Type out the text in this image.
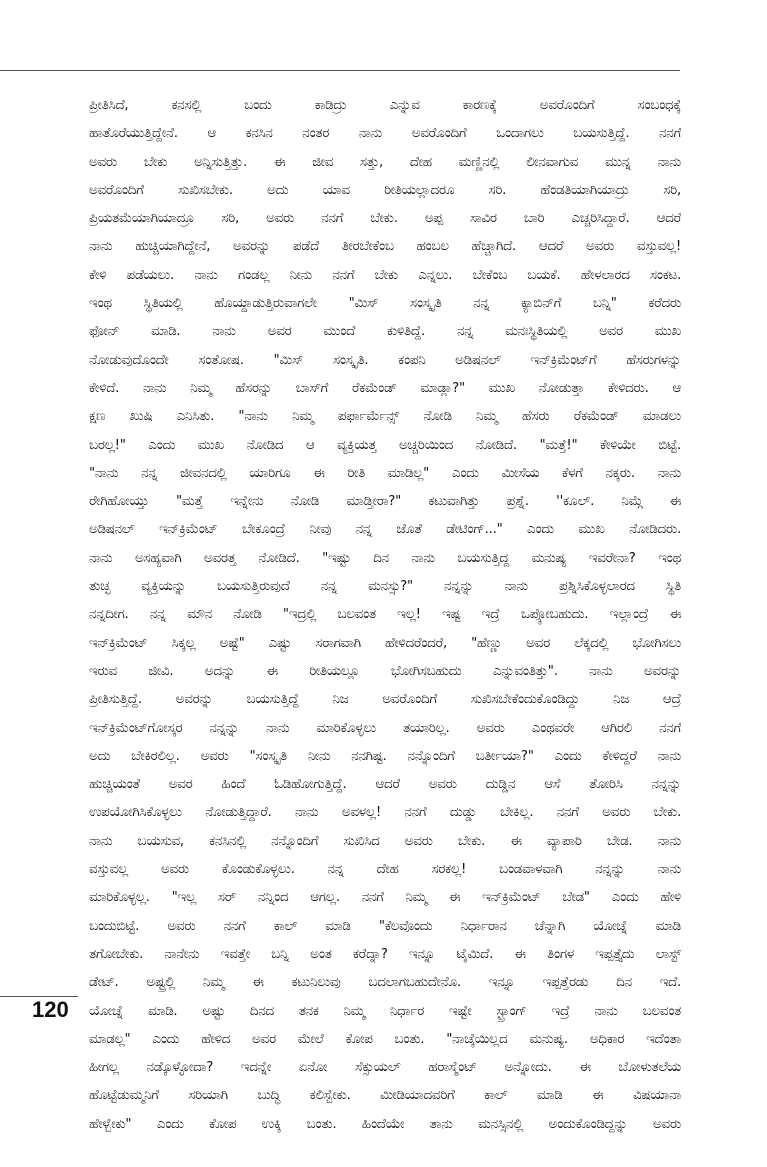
ಪ್ರೀತಿಸಿದೆ, ಕನಸಲ್ಲಿ ಬಂದು ಕಾಡಿದ್ರು ಎನ್ನುವ ಕಾರಣಕ್ಕೆ ಅವರೊಂದಿಗೆ ಸಂಬಂಧಕ್ಕೆ
ಹಾತೊರೆಯುತ್ತಿದ್ದೇನೆ. ಆ ಕನಸಿನ ನಂತರ ನಾನು ಅವರೊಂದಿಗೆ ಒಂದಾಗಲು ಬಯಸುತ್ತಿದ್ದೆ. ನನಗೆ
ಅವರು ಬೇಕು ಅನ್ನಿಸುತ್ತಿತ್ತು. ಈ ಜೀವ ಸತ್ತು, ದೇಹ ಮಣ್ಣಿನಲ್ಲಿ ಲೀನವಾಗುವ ಮುನ್ನ ನಾನು
ಅವರೊಂದಿಗೆ ಸುಖಿಸಬೇಕು. ಅದು ಯಾವ ರೀತಿಯಲ್ಲಾದರೂ ಸರಿ. ಹೆಂಡತಿಯಾಗಿಯಾದ್ರು ಸರಿ,
ಪ್ರಿಯತಮೆಯಾಗಿಯಾದ್ರೂ ಸರಿ, ಅವರು ನನಗೆ ಬೇಕು. ಅಪ್ಪ ಸಾವಿರ ಬಾರಿ ಎಚ್ಚರಿಸಿದ್ದಾರೆ. ಆದರೆ
ನಾನು ಹುಚ್ಚಿಯಾಗಿದ್ದೇನೆ, ಅವರನ್ನು ಪಡೆದೆ ತೀರಬೇಕೆಂಬ ಹಂಬಲ ಹೆಚ್ಚಾಗಿದೆ. ಆದರೆ ಅವರು ವಸ್ತುವಲ್ಲ!
ಕೇಳಿ ಪಡೆಯಲು. ನಾನು ಗಂಡಲ್ಲ ನೀನು ನನಗೆ ಬೇಕು ಎನ್ನಲು. ಬೇಕೆಂಬ ಬಯಕೆ. ಹೇಳಲಾರದ ಸಂಕಟ.
ಇಂಥ ಸ್ಥಿತಿಯಲ್ಲಿ ಹೊಯ್ದಾಡುತ್ತಿರುವಾಗಲೇ "ಮಿಸ್ ಸಂಸ್ಕೃತಿ ನನ್ನ ಕ್ಯಾಬಿನ್‌ಗೆ ಬನ್ನಿ" ಕರೆದರು
ಫೋನ್ ಮಾಡಿ. ನಾನು ಅವರ ಮುಂದೆ ಕುಳಿತಿದ್ದೆ. ನನ್ನ ಮನಃಸ್ಥಿತಿಯಲ್ಲಿ ಅವರ ಮುಖ
ನೋಡುವುದೊಂದೇ ಸಂತೋಷ. "ಮಿಸ್ ಸಂಸ್ಕೃತಿ. ಕಂಪನಿ ಅಡಿಷನಲ್ ಇನ್‌ಕ್ರಿಮೆಂಟ್‌ಗೆ ಹೆಸರುಗಳನ್ನು
ಕೇಳಿದೆ. ನಾನು ನಿಮ್ಮ ಹೆಸರನ್ನು ಬಾಸ್‌ಗೆ ರೆಕಮೆಂಡ್ ಮಾಡ್ಲಾ?" ಮುಖ ನೋಡುತ್ತಾ ಕೇಳಿದರು. ಆ
ಕ್ಷಣ ಖುಷಿ ಎನಿಸಿತು. "ನಾನು ನಿಮ್ಮ ಪರ್ಫಾರ್ಮೆನ್ಸ್ ನೋಡಿ ನಿಮ್ಮ ಹೆಸರು ರೆಕಮೆಂಡ್ ಮಾಡಲು
ಬರಲ್ಲ!" ಎಂದು ಮುಖ ನೋಡಿದ ಆ ವ್ಯಕ್ತಿಯತ್ತ ಅಚ್ಚರಿಯಿಂದ ನೋಡಿದೆ. "ಮತ್ತೆ!" ಕೇಳಿಯೇ ಬಿಟ್ಟೆ.
"ನಾನು ನನ್ನ ಜೀವನದಲ್ಲಿ ಯಾರಿಗೂ ಈ ರೀತಿ ಮಾಡಿಲ್ಲ" ಎಂದು ಮೀಸೆಯ ಕೆಳಗೆ ನಕ್ಕರು. ನಾನು
ರೇಗಿಹೋಯ್ತು "ಮತ್ತೆ ಇನ್ನೇನು ನೋಡಿ ಮಾಡ್ತೀರಾ?" ಕಟುವಾಗಿತ್ತು ಪ್ರಶ್ನೆ. ''ಕೂಲ್. ನಿಮ್ಗೆ ಈ
ಅಡಿಷನಲ್ ಇನ್‌ಕ್ರಿಮೆಂಟ್ ಬೇಕೂಂದ್ರೆ ನೀವು ನನ್ನ ಜೊತೆ ಡೇಟಿಂಗ್..." ಎಂದು ಮುಖ ನೋಡಿದರು.
ನಾನು ಅಸಹ್ಯವಾಗಿ ಅವರತ್ತ ನೋಡಿದೆ. "ಇಷ್ಟು ದಿನ ನಾನು ಬಯಸುತ್ತಿದ್ದ ಮನುಷ್ಯ ಇವರೇನಾ? ಇಂಥ
ತುಚ್ಛ ವ್ಯಕ್ತಿಯನ್ನು ಬಯಸುತ್ತಿರುವುದೆ ನನ್ನ ಮನಸ್ಸು?" ನನ್ನನ್ನು ನಾನು ಪ್ರಶ್ನಿಸಿಕೊಳ್ಳಲಾರದ ಸ್ಥಿತಿ
ನನ್ನದೀಗ. ನನ್ನ ಮೌನ ನೋಡಿ "ಇದ್ರಲ್ಲಿ ಬಲವಂತ ಇಲ್ಲ! ಇಷ್ಟ ಇದ್ರೆ ಒಪ್ಕೋಬಹುದು. ಇಲ್ಲಾಂದ್ರೆ ಈ
ಇನ್‌ಕ್ರಿಮೆಂಟ್ ಸಿಕ್ಕಲ್ಲ ಅಷ್ಟೆ" ಎಷ್ಟು ಸರಾಗವಾಗಿ ಹೇಳಿದರೆಂದರೆ, "ಹೆಣ್ಣು ಅವರ ಲೆಕ್ಕದಲ್ಲಿ ಭೋಗಿಸಲು
ಇರುವ ಜೀವಿ. ಅದನ್ನು ಈ ರೀತಿಯಲ್ಲೂ ಭೋಗಿಸಬಹುದು ಎನ್ನುವಂತಿತ್ತು". ನಾನು ಅವರನ್ನು
ಪ್ರೀತಿಸುತ್ತಿದ್ದೆ. ಅವರನ್ನು ಬಯಸುತ್ತಿದ್ದೆ ನಿಜ ಅವರೊಂದಿಗೆ ಸುಖಿಸಬೇಕೆಂದುಕೊಂಡಿದ್ದು ನಿಜ ಆದ್ರೆ
ಇನ್‌ಕ್ರಿಮೆಂಟ್‌ಗೋಸ್ಕರ ನನ್ನನ್ನು ನಾನು ಮಾರಿಕೊಳ್ಳಲು ತಯಾರಿಲ್ಲ. ಅವರು ಎಂಥವರೇ ಆಗಿರಲಿ ನನಗೆ
ಅದು ಬೇಕಿರಲಿಲ್ಲ. ಅವರು "ಸಂಸ್ಕೃತಿ ನೀನು ನನಗಿಷ್ಟ. ನನ್ನೊಂದಿಗೆ ಬರ್ತೀಯಾ?" ಎಂದು ಕೇಳಿದ್ದರೆ ನಾನು
ಹುಚ್ಚಿಯಂತೆ ಅವರ ಹಿಂದೆ ಓಡಿಹೋಗುತ್ತಿದ್ದೆ. ಆದರೆ ಅವರು ದುಡ್ಡಿನ ಆಸೆ ತೋರಿಸಿ ನನ್ನನ್ನು
ಉಪಯೋಗಿಸಿಕೊಳ್ಳಲು ನೋಡುತ್ತಿದ್ದಾರೆ. ನಾನು ಅವಳಲ್ಲ! ನನಗೆ ದುಡ್ಡು ಬೇಕಿಲ್ಲ. ನನಗೆ ಅವರು ಬೇಕು.
ನಾನು ಬಯಸುವ, ಕನಸಿನಲ್ಲಿ ನನ್ನೊಂದಿಗೆ ಸುಖಿಸಿದ ಅವರು ಬೇಕು. ಈ ವ್ಯಾಪಾರಿ ಬೇಡ. ನಾನು
ವಸ್ತುವಲ್ಲ ಅವರು ಕೊಂಡುಕೊಳ್ಳಲು. ನನ್ನ ದೇಹ ಸರಕಲ್ಲ! ಬಂಡವಾಳವಾಗಿ ನನ್ನನ್ನು ನಾನು
ಮಾರಿಕೊಳ್ಳಲ್ಲ. "ಇಲ್ಲ ಸರ್ ನನ್ನಿಂದ ಆಗಲ್ಲ. ನನಗೆ ನಿಮ್ಮ ಈ ಇನ್‌ಕ್ರಿಮೆಂಟ್ ಬೇಡ" ಎಂದು ಹೇಳಿ
ಬಂದುಬಿಟ್ಟೆ. ಅವರು ನನಗೆ ಕಾಲ್ ಮಾಡಿ "ಕೆಲವೊಂದು ನಿರ್ಧಾರಾನ ಚೆನ್ನಾಗಿ ಯೋಚ್ನೆ ಮಾಡಿ
ತಗೋಬೇಕು. ನಾನೇನು ಇವತ್ತೇ ಬನ್ನಿ ಅಂತ ಕರೆದ್ನಾ? ಇನ್ನೂ ಟೈಮಿದೆ. ಈ ತಿಂಗಳ ಇಪ್ಪತ್ತೈದು ಲಾಸ್ಟ್
ಡೇಟ್. ಅಷ್ಟ್ರಲ್ಲಿ ನಿಮ್ಮ ಈ ಕಟುನಿಲುವು ಬದಲಾಗಬಹುದೇನೊ. ಇನ್ನೂ ಇಪ್ಪತ್ತೆರಡು ದಿನ ಇದೆ.
ಯೋಚ್ನೆ ಮಾಡಿ. ಅಷ್ಟು ದಿನದ ತನಕ ನಿಮ್ಮ ನಿರ್ಧಾರ ಇಷ್ಟೇ ಸ್ಟ್ರಾಂಗ್ ಇದ್ರೆ ನಾನು ಬಲವಂತ
ಮಾಡಲ್ಲ" ಎಂದು ಹೇಳಿದ ಅವರ ಮೇಲೆ ಕೋಪ ಬಂತು. "ನಾಚ್ಕೆಯಿಲ್ಲದ ಮನುಷ್ಯ. ಅಧಿಕಾರ ಇದೆಂತಾ
ಹೀಗಲ್ಲ ನಡ್ಕೊಳ್ಳೋದಾ? ಇದನ್ನೇ ಏನೋ ಸೆಕ್ಸುಯಲ್ ಹರಾಸ್ಮೆಂಟ್ ಅನ್ನೋದು. ಈ ಬೋಳುತಲೆಯ
ಹೊಟ್ಟೆಡುಮ್ಮನಿಗೆ ಸರಿಯಾಗಿ ಬುದ್ಧಿ ಕಲಿಸ್ಬೇಕು. ಮೀಡಿಯಾದವರಿಗೆ ಕಾಲ್ ಮಾಡಿ ಈ ವಿಷಯಾನಾ
ಹೇಳ್ಬೇಕು" ಎಂದು ಕೋಪ ಉಕ್ಕಿ ಬಂತು. ಹಿಂದೆಯೇ ತಾನು ಮನಸ್ಸಿನಲ್ಲಿ ಅಂದುಕೊಂಡಿದ್ದನ್ನು ಅವರು
120
